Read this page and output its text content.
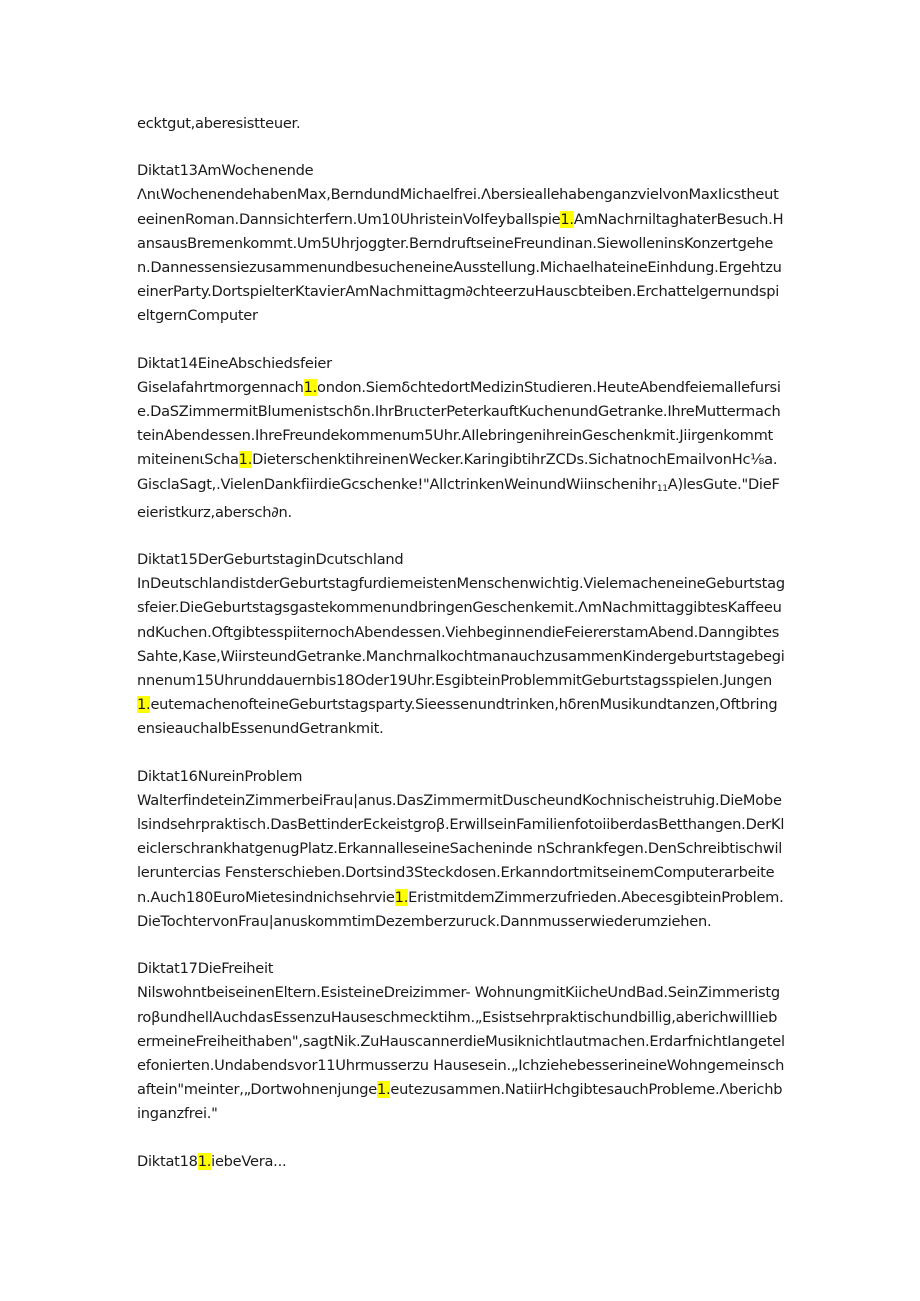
ecktgut,aberesistteuer.

Diktat13AmWochenende

ΛnιWochenendehabenMax,BerndundMichaelfrei.ΛbersieallehabenganzvielvonMaxIicstheuteeinenRoman.Dannsichterfern.Um10UhristeinVoIfeyballspie1.AmNachrniltaghaterBesuch.HansausBremenkommt.Um5Uhrjoggter.BerndruftseineFreundinan.SiewolleninsKonzertgehen.DannessensiezusammenundbesucheneineAusstellung.MichaelhateineEinhdung.ErgehtzueinerParty.DortspielterKtavierAmNachmittagm∂chteerzuHauscbteiben.ErchattelgernundspieltgernComputer

Diktat14EineAbschiedsfeier

Giselafahrtmorgennach1.ondon.SiemδchtedortMedizinStudieren.HeuteAbendfeiemallefursie.DaSZimmermitBlumenistschδn.IhrBrιιcterPeterkauftKuchenundGetranke.IhreMuttermachteinAbendessen.IhreFreundekommenum5Uhr.AIlebringenihreinGeschenkmit.JiirgenkommtmiteinenιScha1.DieterschenktihreinenWecker.KaringibtihrZCDs.SichatnochEmailvonHc⅛a.GisclaSagt,.VielenDankfiirdieGcschenke!"AllctrinkenWeinundWiinschenihr$_{11}$A)lesGute."DieFeieristkurz,abersch∂n.

Diktat15DerGeburtstaginDcutschland

InDeutschlandistderGeburtstagfurdiemeistenMenschenwichtig.VielemacheneineGeburtstagsfeier.DieGeburtstagsgastekommenundbringenGeschenkemit.ΛmNachmittaggibtesKaffeeundKuchen.OftgibtesspiiternochAbendessen.ViehbeginnendieFeiererstamAbend.DanngibtesSahte,Kase,WiirsteundGetranke.ManchrnalkochtmanauchzusammenKindergeburtstagebeginnenum15Uhrunddauernbis18Oder19Uhr.EsgibteinProblemmitGeburtstagsspielen.Jungen1.eutemachenofteineGeburtstagsparty.Sieessenundtrinken,hδrenMusikundtanzen,OftbringensieauchalbEssenundGetrankmit.

Diktat16NureinProblem

WalterfindeteinZimmerbeiFrau|anus.DasZimmermitDuscheundKochnischeistruhig.DieMobelsindsehrpraktisch.DasBettinderEckeistgroβ.ErwillseinFamilienfotoiiberdasBetthangen.DerKleiclerschrankhatgenugPlatz.ErkannalleseineSacheninde nSchrankfegen.DenSchreibtischwilleruntercias Fensterschieben.Dortsind3Steckdosen.ErkanndortmitseinemComputerarbeiten.Auch180EuroMietesindnichsehrvie1.EristmitdemZimmerzufrieden.AbecesgibteinProblem.DieTochtervonFrau|anuskommtimDezemberzuruck.Dannmusserwiederumziehen.

Diktat17DieFreiheit

NilswohntbeiseinenEltern.EsisteineDreizimmer- WohnungmitKiicheUndBad.SeinZimmeristgroβundhellAuchdasEssenzuHauseschmecktihm.„Esistsehrpraktischundbillig,aberichwillIiebermeineFreiheithaben",sagtNik.ZuHauscannerdieMusiknichtlautmachen.ErdarfnichtIangetelefonierten.Undabendsvor11Uhrmusserzu Hausesein.„IchziehebesserineineWohngemeinschaftein"meinter,„Dortwohnenjunge1.eutezusammen.NatiirHchgibtesauchProbleme.Λberichbinganzfrei."

Diktat181.iebeVera...
